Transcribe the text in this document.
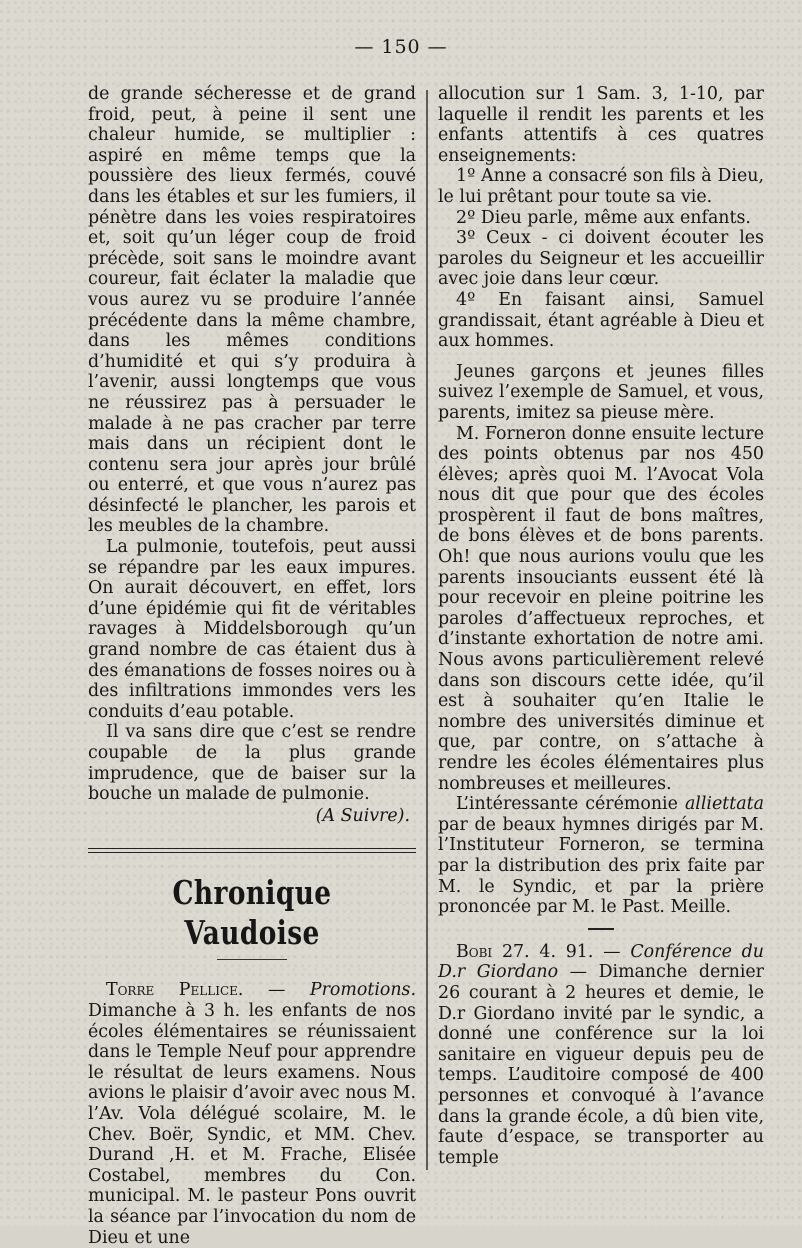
— 150 —

de grande sécheresse et de grand froid, peut, à peine il sent une chaleur humide, se multiplier : aspiré en même temps que la poussière des lieux fermés, couvé dans les étables et sur les fumiers, il pénètre dans les voies respiratoires et, soit qu’un léger coup de froid précède, soit sans le moindre avant coureur, fait éclater la maladie que vous aurez vu se produire l’année précédente dans la même chambre, dans les mêmes conditions d’humidité et qui s’y produira à l’avenir, aussi longtemps que vous ne réussirez pas à persuader le malade à ne pas cracher par terre mais dans un récipient dont le contenu sera jour après jour brûlé ou enterré, et que vous n’aurez pas désinfecté le plancher, les parois et les meubles de la chambre.

La pulmonie, toutefois, peut aussi se répandre par les eaux impures. On aurait découvert, en effet, lors d’une épidémie qui fit de véritables ravages à Middelsborough qu’un grand nombre de cas étaient dus à des émanations de fosses noires ou à des infiltrations immondes vers les conduits d’eau potable.

Il va sans dire que c’est se rendre coupable de la plus grande imprudence, que de baiser sur la bouche un malade de pulmonie.

(A Suivre).

Chronique Vaudoise

Torre Pellice. — Promotions. Dimanche à 3 h. les enfants de nos écoles élémentaires se réunissaient dans le Temple Neuf pour apprendre le résultat de leurs examens. Nous avions le plaisir d’avoir avec nous M. l’Av. Vola délégué scolaire, M. le Chev. Boër, Syndic, et MM. Chev. Durand ,H. et M. Frache, Elisée Costabel, membres du Con. municipal. M. le pasteur Pons ouvrit la séance par l’invocation du nom de Dieu et une

allocution sur 1 Sam. 3, 1-10, par laquelle il rendit les parents et les enfants attentifs à ces quatres enseignements:

1º Anne a consacré son fils à Dieu, le lui prêtant pour toute sa vie.

2º Dieu parle, même aux enfants.

3º Ceux - ci doivent écouter les paroles du Seigneur et les accueillir avec joie dans leur cœur.

4º En faisant ainsi, Samuel grandissait, étant agréable à Dieu et aux hommes.

Jeunes garçons et jeunes filles suivez l’exemple de Samuel, et vous, parents, imitez sa pieuse mère.

M. Forneron donne ensuite lecture des points obtenus par nos 450 élèves; après quoi M. l’Avocat Vola nous dit que pour que des écoles prospèrent il faut de bons maîtres, de bons élèves et de bons parents. Oh! que nous aurions voulu que les parents insouciants eussent été là pour recevoir en pleine poitrine les paroles d’affectueux reproches, et d’instante exhortation de notre ami. Nous avons particulièrement relevé dans son discours cette idée, qu’il est à souhaiter qu’en Italie le nombre des universités diminue et que, par contre, on s’attache à rendre les écoles élémentaires plus nombreuses et meilleures.

L’intéressante cérémonie alliettata par de beaux hymnes dirigés par M. l’Instituteur Forneron, se termina par la distribution des prix faite par M. le Syndic, et par la prière prononcée par M. le Past. Meille.

Bobi 27. 4. 91. — Conférence du D.r Giordano — Dimanche dernier 26 courant à 2 heures et demie, le D.r Giordano invité par le syndic, a donné une conférence sur la loi sanitaire en vigueur depuis peu de temps. L’auditoire composé de 400 personnes et convoqué à l’avance dans la grande école, a dû bien vite, faute d’espace, se transporter au temple
